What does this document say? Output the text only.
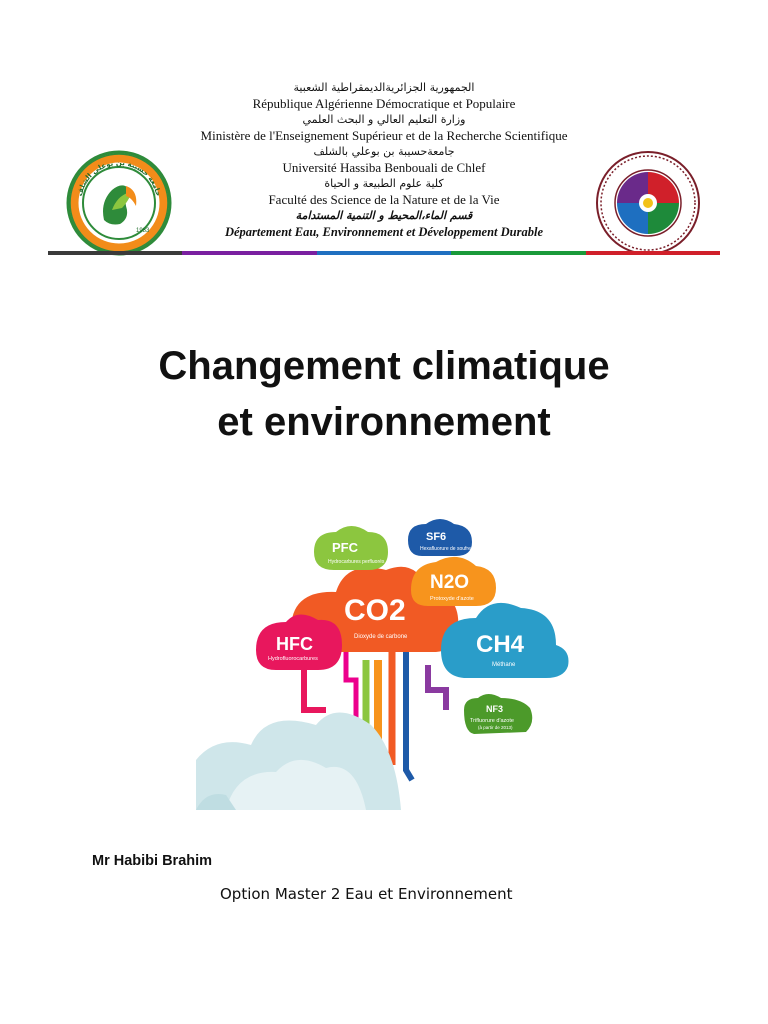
الجمهورية الجزائريةالديمقراطية الشعبية
République Algérienne Démocratique et Populaire
وزارة التعليم العالي و البحث العلمي
Ministère de l'Enseignement Supérieur et de la Recherche Scientifique
جامعةحسيبة بن بوعلي بالشلف
Université Hassiba Benbouali de Chlef
كلية علوم الطبيعة و الحياة
Faculté des Science de la Nature et de la Vie
قسم الماء،المحيط و التنمية المستدامة
Département Eau, Environnement et Développement Durable
جامعة حسيبة بن بوعلي الشلف
1983
Changement climatique
et environnement
CO2
Dioxyde de carbone
N2O
Protoxyde d'azote
PFC
Hydrocarbures perfluorés
SF6
Hexafluorure de soufre
HFC
Hydrofluorocarbures
CH4
Méthane
NF3
Trifluorure d'azote
(à partir de 2013)
Mr Habibi Brahim
Option Master 2 Eau et Environnement
